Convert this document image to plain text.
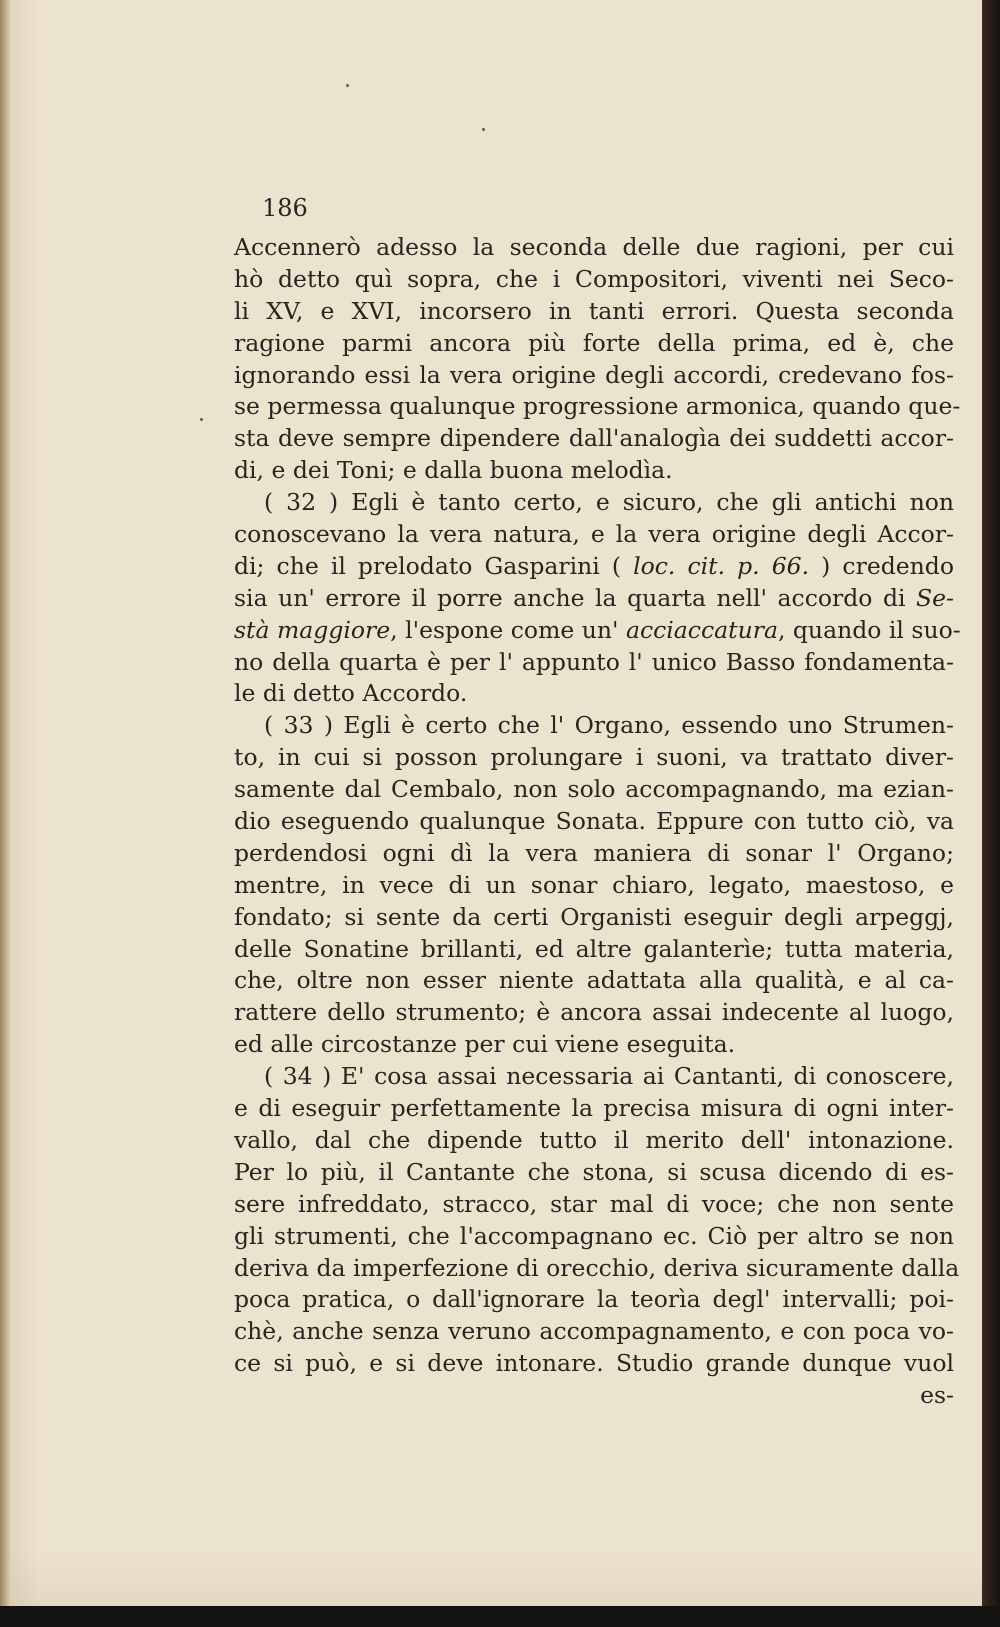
186
Accennerò adesso la seconda delle due ragioni, per cui
hò detto quì sopra, che i Compositori, viventi nei Seco-
li XV, e XVI, incorsero in tanti errori. Questa seconda
ragione parmi ancora più forte della prima, ed è, che
ignorando essi la vera origine degli accordi, credevano fos-
se permessa qualunque progressione armonica, quando que-
sta deve sempre dipendere dall'analogìa dei suddetti accor-
di, e dei Toni; e dalla buona melodìa.
( 32 ) Egli è tanto certo, e sicuro, che gli antichi non
conoscevano la vera natura, e la vera origine degli Accor-
di; che il prelodato Gasparini ( loc. cit. p. 66. ) credendo
sia un' errore il porre anche la quarta nell' accordo di Se-
stà maggiore, l'espone come un' acciaccatura, quando il suo-
no della quarta è per l' appunto l' unico Basso fondamenta-
le di detto Accordo.
( 33 ) Egli è certo che l' Organo, essendo uno Strumen-
to, in cui si posson prolungare i suoni, va trattato diver-
samente dal Cembalo, non solo accompagnando, ma ezian-
dio eseguendo qualunque Sonata. Eppure con tutto ciò, va
perdendosi ogni dì la vera maniera di sonar l' Organo;
mentre, in vece di un sonar chiaro, legato, maestoso, e
fondato; si sente da certi Organisti eseguir degli arpeggj,
delle Sonatine brillanti, ed altre galanterìe; tutta materia,
che, oltre non esser niente adattata alla qualità, e al ca-
rattere dello strumento; è ancora assai indecente al luogo,
ed alle circostanze per cui viene eseguita.
( 34 ) E' cosa assai necessaria ai Cantanti, di conoscere,
e di eseguir perfettamente la precisa misura di ogni inter-
vallo, dal che dipende tutto il merito dell' intonazione.
Per lo più, il Cantante che stona, si scusa dicendo di es-
sere infreddato, stracco, star mal di voce; che non sente
gli strumenti, che l'accompagnano ec. Ciò per altro se non
deriva da imperfezione di orecchio, deriva sicuramente dalla
poca pratica, o dall'ignorare la teorìa degl' intervalli; poi-
chè, anche senza veruno accompagnamento, e con poca vo-
ce si può, e si deve intonare. Studio grande dunque vuol
es-
